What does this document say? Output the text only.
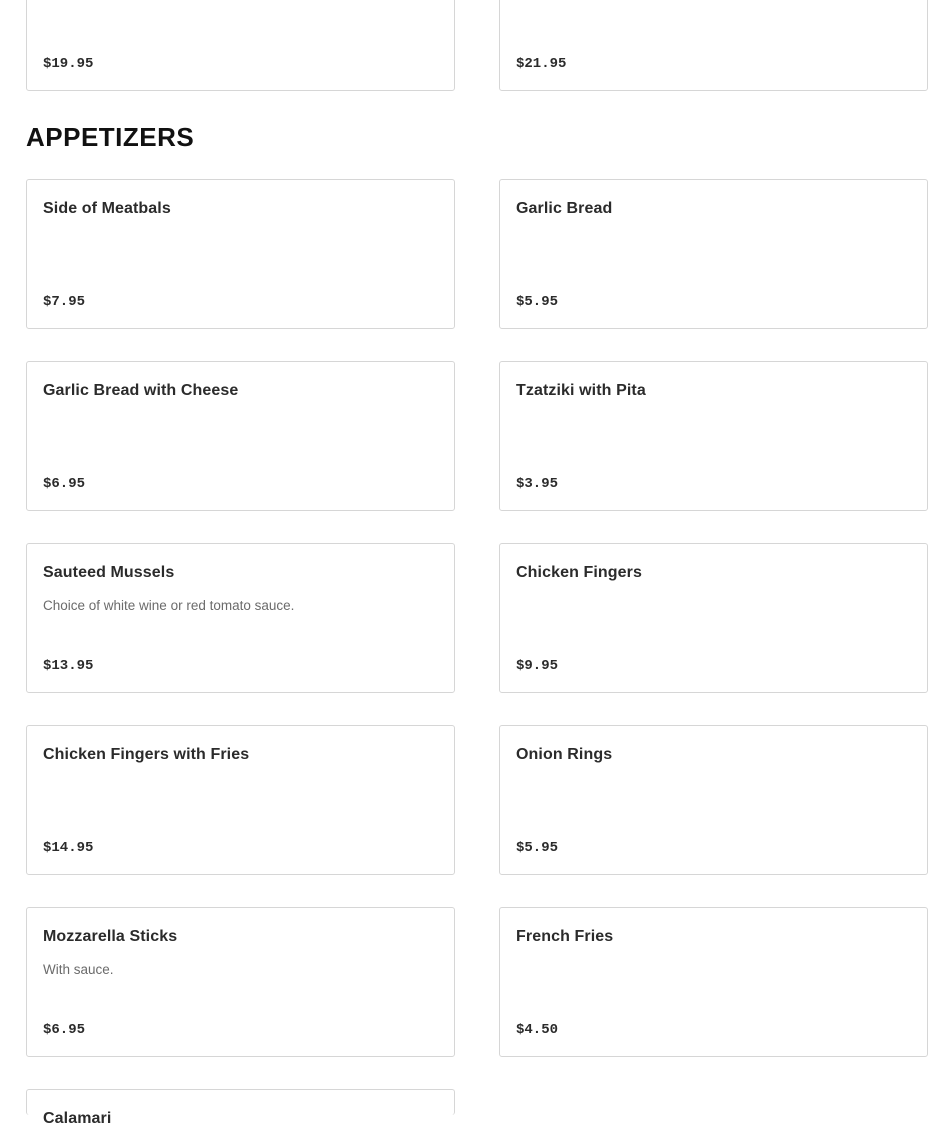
$19.95	$21.95
APPETIZERS
Side of Meatbals
$7.95
Garlic Bread
$5.95
Garlic Bread with Cheese
$6.95
Tzatziki with Pita
$3.95
Sauteed Mussels
Choice of white wine or red tomato sauce.
$13.95
Chicken Fingers
$9.95
Chicken Fingers with Fries
$14.95
Onion Rings
$5.95
Mozzarella Sticks
With sauce.
$6.95
French Fries
$4.50
Calamari
